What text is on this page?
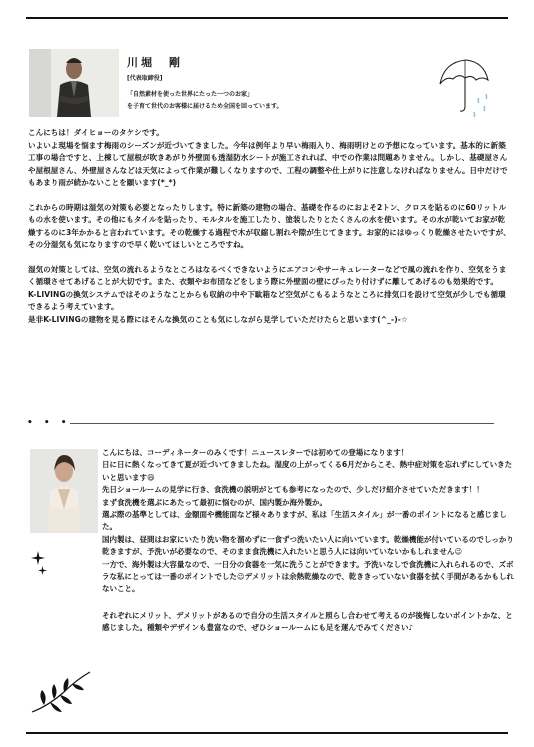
川堀　剛
[代表取締役]
「自然素材を使った世界にたった一つのお家」
を子育て世代のお客様に届けるため全国を回っています。

こんにちは！ダイヒョーのタケシです。
いよいよ現場を悩ます梅雨のシーズンが近づいてきました。今年は例年より早い梅雨入り、梅雨明けとの予想になっています。基本的に新築工事の場合ですと、上棟して屋根が吹きあがり外壁面も透湿防水シートが施工されれば、中での作業は問題ありません。しかし、基礎屋さんや屋根屋さん、外壁屋さんなどは天気によって作業が難しくなりますので、工程の調整や仕上がりに注意しなければなりません。日中だけでもあまり雨が続かないことを願います(*_*)

これからの時期は湿気の対策も必要となったりします。特に新築の建物の場合、基礎を作るのにおよそ2トン、クロスを貼るのに60リットルもの水を使います。その他にもタイルを貼ったり、モルタルを施工したり、塗装したりとたくさんの水を使います。その水が乾いてお家が乾燥するのに3年かかると言われています。その乾燥する過程で木が収縮し割れや隙が生じてきます。お家的にはゆっくり乾燥させたいですが、その分湿気も気になりますので早く乾いてほしいところですね。

湿気の対策としては、空気の流れるようなところはなるべくできないようにエアコンやサーキュレーターなどで風の流れを作り、空気をうまく循環させてあげることが大切です。また、衣類やお布団などをしまう際に外壁面の壁にぴったり付けずに離してあげるのも効果的です。
K-LIVINGの換気システムではそのようなことからも収納の中や下駄箱など空気がこもるようなところに排気口を設けて空気が少しでも循環できるよう考えています。
是非K-LIVINGの建物を見る際にはそんな換気のことも気にしながら見学していただけたらと思います(^_-)-☆

• • •

こんにちは、コーディネーターのみくです！ニュースレターでは初めての登場になります！
日に日に熱くなってきて夏が近づいてきましたね。湿度の上がってくる6月だからこそ、熱中症対策を忘れずにしていきたいと思います😄
先日ショールームの見学に行き、食洗機の説明がとても参考になったので、少しだけ紹介させていただきます！！
まず食洗機を選ぶにあたって最初に悩むのが、国内製か海外製か。
選ぶ際の基準としては、金額面や機能面など様々ありますが、私は「生活スタイル」が一番のポイントになると感じました。
国内製は、昼間はお家にいたり洗い物を溜めずに一食ずつ洗いたい人に向いています。乾燥機能が付いているのでしっかり乾きますが、予洗いが必要なので、そのまま食洗機に入れたいと思う人には向いていないかもしれません😉
一方で、海外製は大容量なので、一日分の食器を一気に洗うことができます。予洗いなしで食洗機に入れられるので、ズボラな私にとっては一番のポイントでした😉デメリットは余熱乾燥なので、乾ききっていない食器を拭く手間があるかもしれないこと。

それぞれにメリット、デメリットがあるので自分の生活スタイルと照らし合わせて考えるのが後悔しないポイントかな、と感じました。種類やデザインも豊富なので、ぜひショールームにも足を運んでみてください♪
